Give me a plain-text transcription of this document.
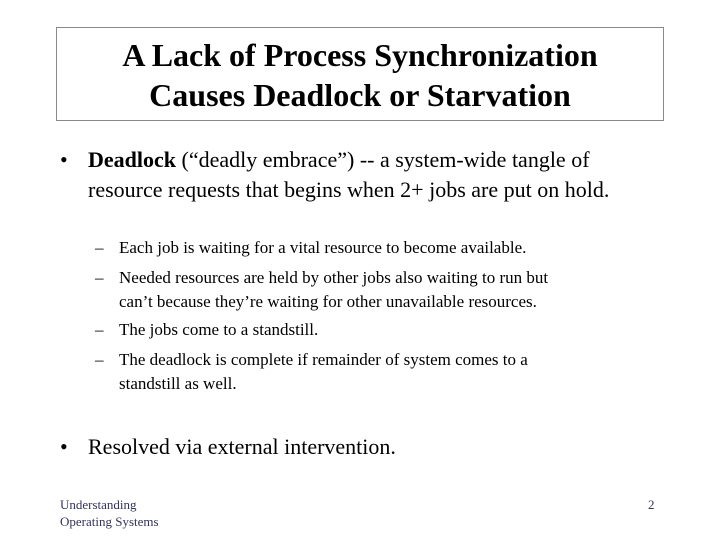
A Lack of Process Synchronization
Causes Deadlock or Starvation
• Deadlock (“deadly embrace”) -- a system-wide tangle of
resource requests that begins when 2+ jobs are put on hold.
– Each job is waiting for a vital resource to become available.
– Needed resources are held by other jobs also waiting to run but
can’t because they’re waiting for other unavailable resources.
– The jobs come to a standstill.
– The deadlock is complete if remainder of system comes to a
standstill as well.
• Resolved via external intervention.
Understanding
Operating Systems
2
